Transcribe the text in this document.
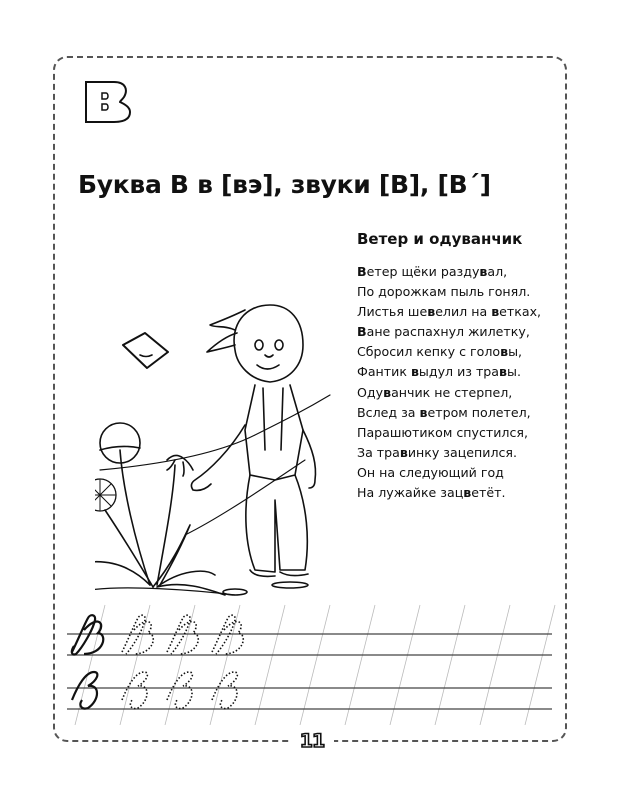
11
Буква В в [вэ], звуки [В], [В´]
Ветер и одуванчик
Ветер щёки раздувал,
По дорожкам пыль гонял.
Листья шевелил на ветках,
Ване распахнул жилетку,
Сбросил кепку с головы,
Фантик выдул из травы.
Одуванчик не стерпел,
Вслед за ветром полетел,
Парашютиком спустился,
За травинку зацепился.
Он на следующий год
На лужайке зацветёт.
